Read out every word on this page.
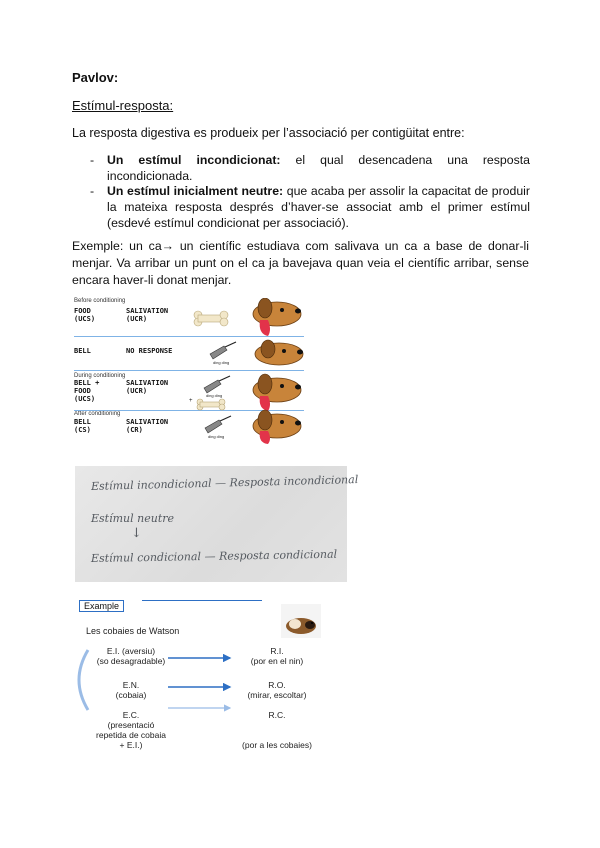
Pavlov:
Estímul-resposta:
La resposta digestiva es produeix per l’associació per contigüitat entre:
- Un estímul incondicionat: el qual desencadena una resposta incondicionada.
- Un estímul inicialment neutre: que acaba per assolir la capacitat de produir la mateixa resposta després d’haver-se associat amb el primer estímul (esdevé estímul condicionat per associació).
Exemple: un ca→ un científic estudiava com salivava un ca a base de donar-li menjar. Va arribar un punt on el ca ja bavejava quan veia el científic arribar, sense encara haver-li donat menjar.
Before conditioning
During conditioning
After conditioning
FOOD
(UCS)
SALIVATION
(UCR)
BELL	NO RESPONSE
BELL +
FOOD
(UCS)
SALIVATION
(UCR)
BELL
(CS)
SALIVATION
(CR)
ding ding
ding ding
+
ding ding
Estímul incondicional — Resposta incondicional
Estímul neutre
↓
Estímul condicional — Resposta condicional
Example
Les cobaies de Watson
E.I. (aversiu)
(so desagradable)
R.I.
(por en el nin)
E.N.
(cobaia)
R.O.
(mirar, escoltar)
E.C.
(presentació
repetida de cobaia
+ E.I.)
R.C.
(por a les cobaies)
